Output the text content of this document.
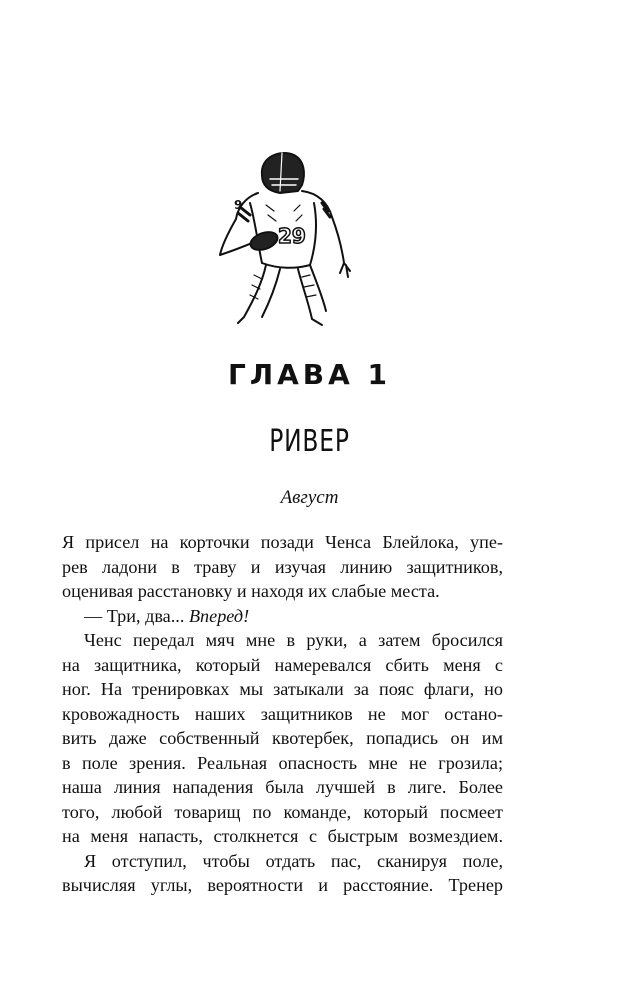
29
9
ГЛАВА 1
РИВЕР
Август
Я присел на корточки позади Ченса Блейлока, упе-
рев ладони в траву и изучая линию защитников,
оценивая расстановку и находя их слабые места.
— Три, два... Вперед!
Ченс передал мяч мне в руки, а затем бросился
на защитника, который намеревался сбить меня с
ног. На тренировках мы затыкали за пояс флаги, но
кровожадность наших защитников не мог остано-
вить даже собственный квотербек, попадись он им
в поле зрения. Реальная опасность мне не грозила;
наша линия нападения была лучшей в лиге. Более
того, любой товарищ по команде, который посмеет
на меня напасть, столкнется с быстрым возмездием.
Я отступил, чтобы отдать пас, сканируя поле,
вычисляя углы, вероятности и расстояние. Тренер
